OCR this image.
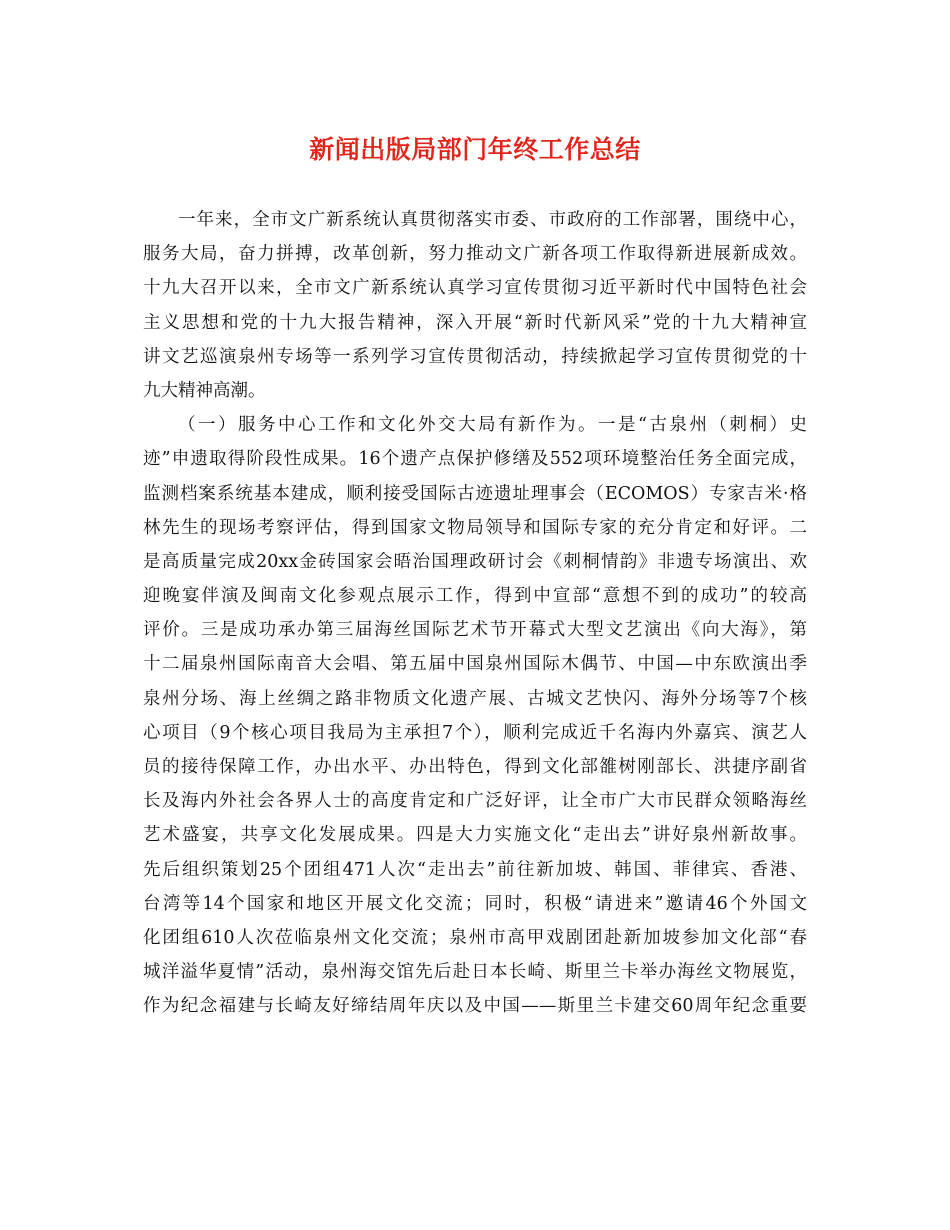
新闻出版局部门年终工作总结
一年来，全市文广新系统认真贯彻落实市委、市政府的工作部署，围绕中心，
服务大局，奋力拼搏，改革创新，努力推动文广新各项工作取得新进展新成效。
十九大召开以来，全市文广新系统认真学习宣传贯彻习近平新时代中国特色社会
主义思想和党的十九大报告精神，深入开展“新时代新风采”党的十九大精神宣
讲文艺巡演泉州专场等一系列学习宣传贯彻活动，持续掀起学习宣传贯彻党的十
九大精神高潮。
（一）服务中心工作和文化外交大局有新作为。一是“古泉州（刺桐）史
迹”申遗取得阶段性成果。16个遗产点保护修缮及552项环境整治任务全面完成，
监测档案系统基本建成，顺利接受国际古迹遗址理事会（ECOMOS）专家吉米·格
林先生的现场考察评估，得到国家文物局领导和国际专家的充分肯定和好评。二
是高质量完成20xx金砖国家会晤治国理政研讨会《刺桐情韵》非遗专场演出、欢
迎晚宴伴演及闽南文化参观点展示工作，得到中宣部“意想不到的成功”的较高
评价。三是成功承办第三届海丝国际艺术节开幕式大型文艺演出《向大海》，第
十二届泉州国际南音大会唱、第五届中国泉州国际木偶节、中国—中东欧演出季
泉州分场、海上丝绸之路非物质文化遗产展、古城文艺快闪、海外分场等7个核
心项目（9个核心项目我局为主承担7个），顺利完成近千名海内外嘉宾、演艺人
员的接待保障工作，办出水平、办出特色，得到文化部雒树刚部长、洪捷序副省
长及海内外社会各界人士的高度肯定和广泛好评，让全市广大市民群众领略海丝
艺术盛宴，共享文化发展成果。四是大力实施文化“走出去”讲好泉州新故事。
先后组织策划25个团组471人次“走出去”前往新加坡、韩国、菲律宾、香港、
台湾等14个国家和地区开展文化交流；同时，积极“请进来”邀请46个外国文
化团组610人次莅临泉州文化交流；泉州市高甲戏剧团赴新加坡参加文化部“春
城洋溢华夏情”活动，泉州海交馆先后赴日本长崎、斯里兰卡举办海丝文物展览，
作为纪念福建与长崎友好缔结周年庆以及中国——斯里兰卡建交60周年纪念重要
